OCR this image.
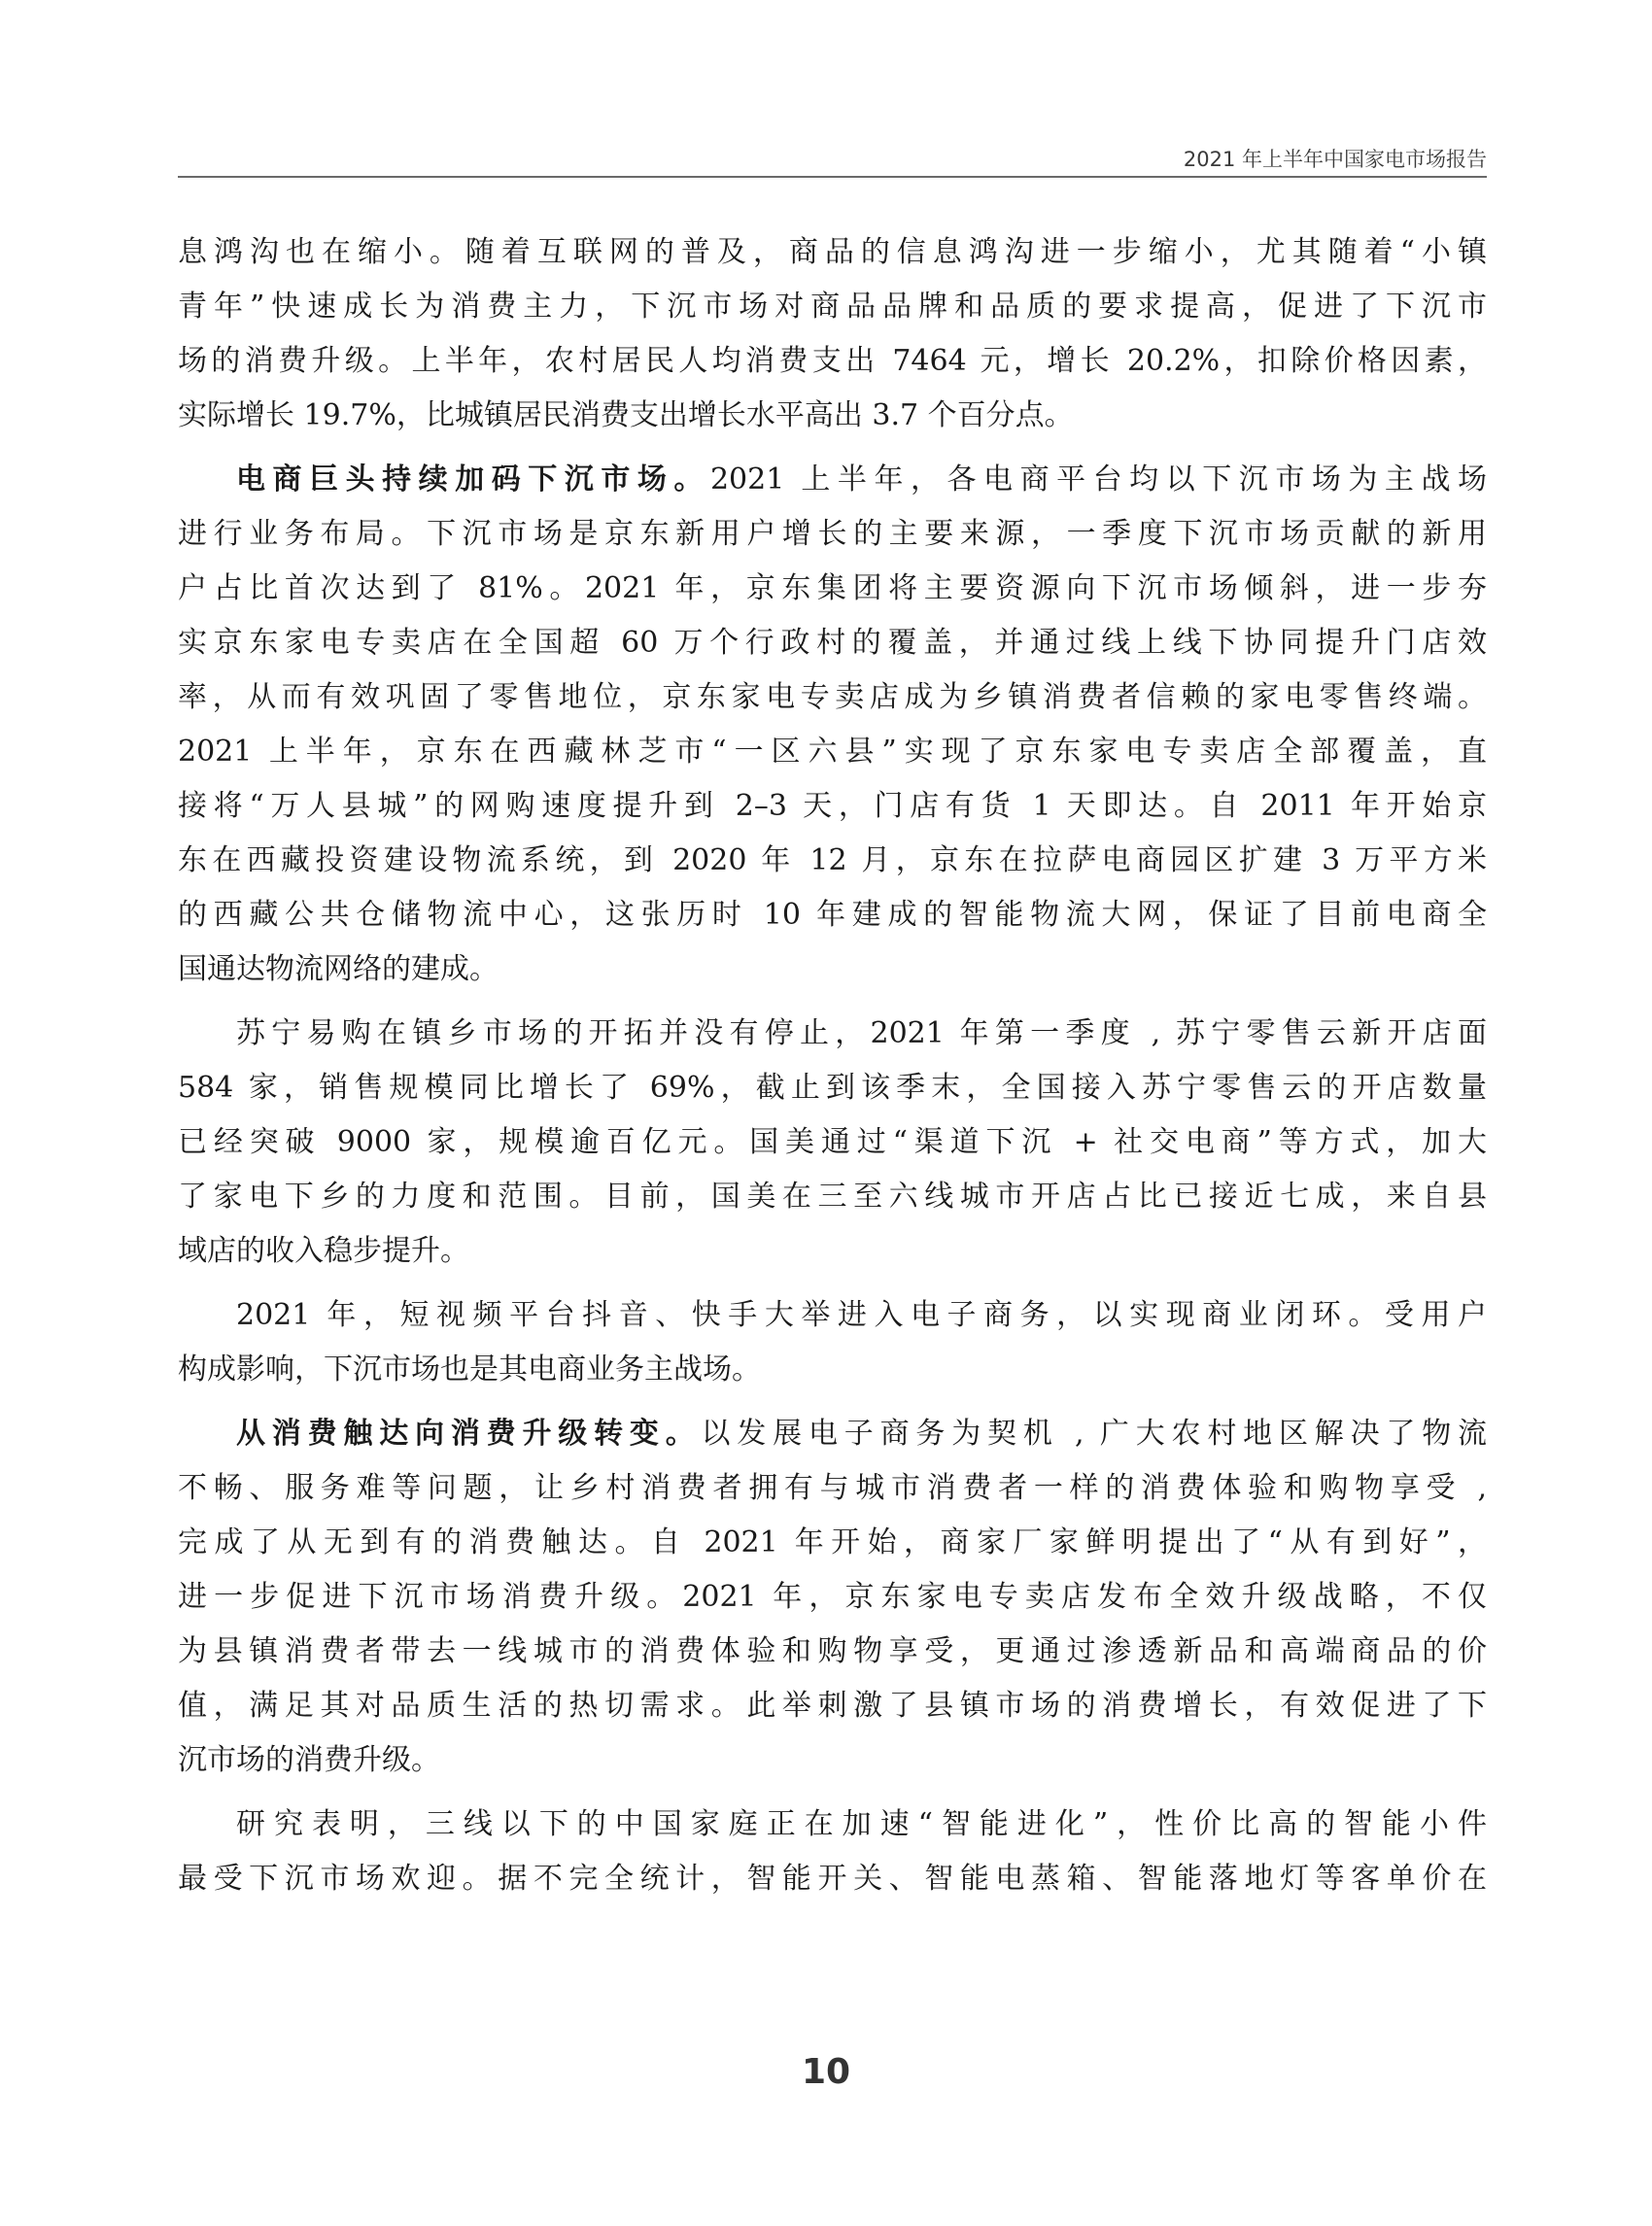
2021 年上半年中国家电市场报告
息鸿沟也在缩小。随着互联网的普及，商品的信息鸿沟进一步缩小，尤其随着“小镇
青年”快速成长为消费主力，下沉市场对商品品牌和品质的要求提高，促进了下沉市
场的消费升级。上半年，农村居民人均消费支出 7464 元，增长 20.2%，扣除价格因素，
实际增长 19.7%，比城镇居民消费支出增长水平高出 3.7 个百分点。
电商巨头持续加码下沉市场。2021 上半年，各电商平台均以下沉市场为主战场
进行业务布局。下沉市场是京东新用户增长的主要来源，一季度下沉市场贡献的新用
户占比首次达到了 81%。2021 年，京东集团将主要资源向下沉市场倾斜，进一步夯
实京东家电专卖店在全国超 60 万个行政村的覆盖，并通过线上线下协同提升门店效
率，从而有效巩固了零售地位，京东家电专卖店成为乡镇消费者信赖的家电零售终端。
2021 上半年，京东在西藏林芝市“一区六县”实现了京东家电专卖店全部覆盖，直
接将“万人县城”的网购速度提升到 2–3 天，门店有货 1 天即达。自 2011 年开始京
东在西藏投资建设物流系统，到 2020 年 12 月，京东在拉萨电商园区扩建 3 万平方米
的西藏公共仓储物流中心，这张历时 10 年建成的智能物流大网，保证了目前电商全
国通达物流网络的建成。
苏宁易购在镇乡市场的开拓并没有停止，2021 年第一季度 , 苏宁零售云新开店面
584 家，销售规模同比增长了 69%，截止到该季末，全国接入苏宁零售云的开店数量
已经突破 9000 家，规模逾百亿元。国美通过“渠道下沉 + 社交电商”等方式，加大
了家电下乡的力度和范围。目前，国美在三至六线城市开店占比已接近七成，来自县
域店的收入稳步提升。
2021 年，短视频平台抖音、快手大举进入电子商务，以实现商业闭环。受用户
构成影响，下沉市场也是其电商业务主战场。
从消费触达向消费升级转变。以发展电子商务为契机 , 广大农村地区解决了物流
不畅、服务难等问题，让乡村消费者拥有与城市消费者一样的消费体验和购物享受 ,
完成了从无到有的消费触达。自 2021 年开始，商家厂家鲜明提出了“从有到好”，
进一步促进下沉市场消费升级。2021 年，京东家电专卖店发布全效升级战略，不仅
为县镇消费者带去一线城市的消费体验和购物享受，更通过渗透新品和高端商品的价
值，满足其对品质生活的热切需求。此举刺激了县镇市场的消费增长，有效促进了下
沉市场的消费升级。
研究表明，三线以下的中国家庭正在加速“智能进化”，性价比高的智能小件
最受下沉市场欢迎。据不完全统计，智能开关、智能电蒸箱、智能落地灯等客单价在
10
